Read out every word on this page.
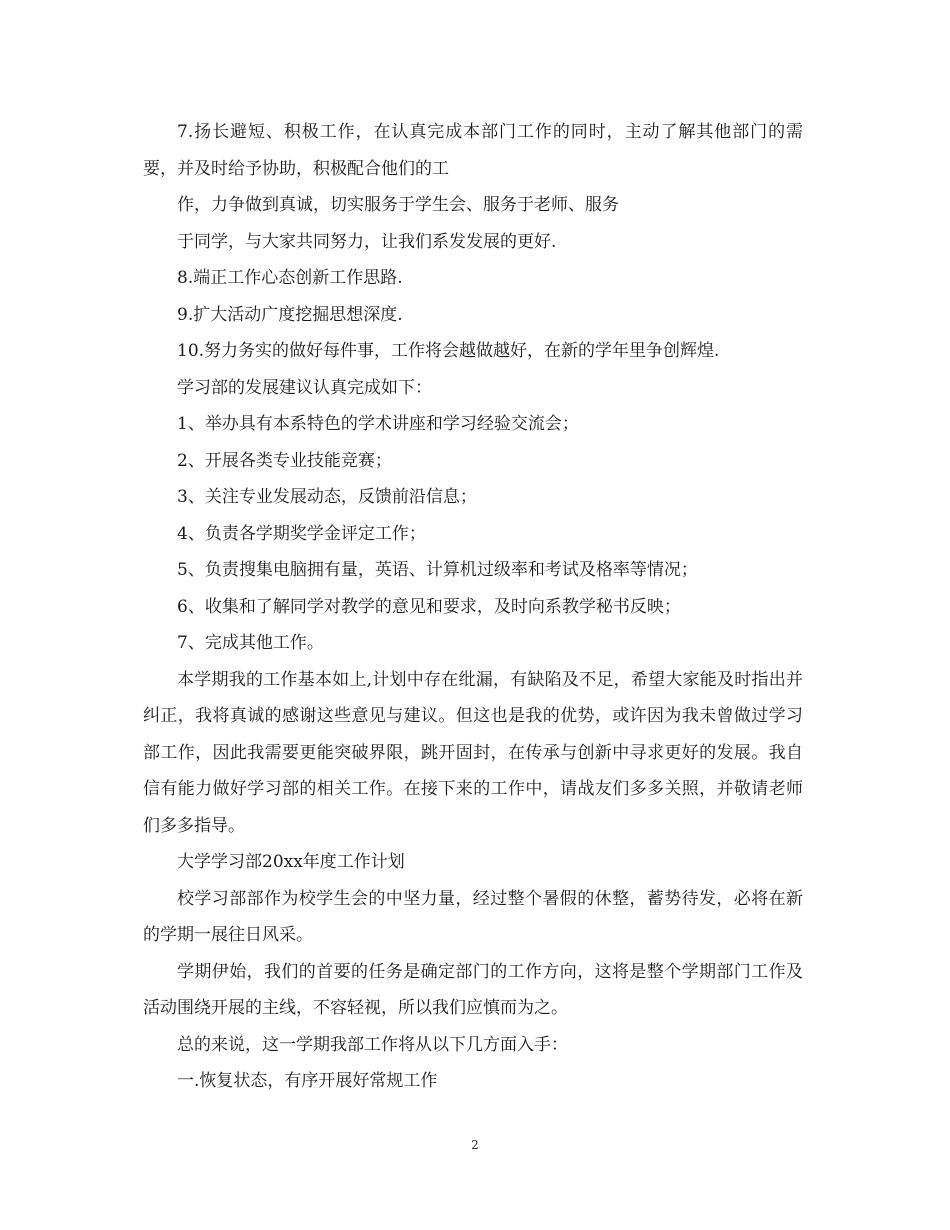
7.扬长避短、积极工作，在认真完成本部门工作的同时，主动了解其他部门的需要，并及时给予协助，积极配合他们的工

作，力争做到真诚，切实服务于学生会、服务于老师、服务

于同学，与大家共同努力，让我们系发发展的更好.

8.端正工作心态创新工作思路.

9.扩大活动广度挖掘思想深度.

10.努力务实的做好每件事，工作将会越做越好，在新的学年里争创辉煌.

学习部的发展建议认真完成如下：

1、举办具有本系特色的学术讲座和学习经验交流会；

2、开展各类专业技能竞赛；

3、关注专业发展动态，反馈前沿信息；

4、负责各学期奖学金评定工作；

5、负责搜集电脑拥有量，英语、计算机过级率和考试及格率等情况；

6、收集和了解同学对教学的意见和要求，及时向系教学秘书反映；

7、完成其他工作。

本学期我的工作基本如上,计划中存在纰漏，有缺陷及不足，希望大家能及时指出并纠正，我将真诚的感谢这些意见与建议。但这也是我的优势，或许因为我未曾做过学习部工作，因此我需要更能突破界限，跳开固封，在传承与创新中寻求更好的发展。我自信有能力做好学习部的相关工作。在接下来的工作中，请战友们多多关照，并敬请老师们多多指导。

大学学习部20xx年度工作计划

校学习部部作为校学生会的中坚力量，经过整个暑假的休整，蓄势待发，必将在新的学期一展往日风采。

学期伊始，我们的首要的任务是确定部门的工作方向，这将是整个学期部门工作及活动围绕开展的主线，不容轻视，所以我们应慎而为之。

总的来说，这一学期我部工作将从以下几方面入手：

一.恢复状态，有序开展好常规工作

2
